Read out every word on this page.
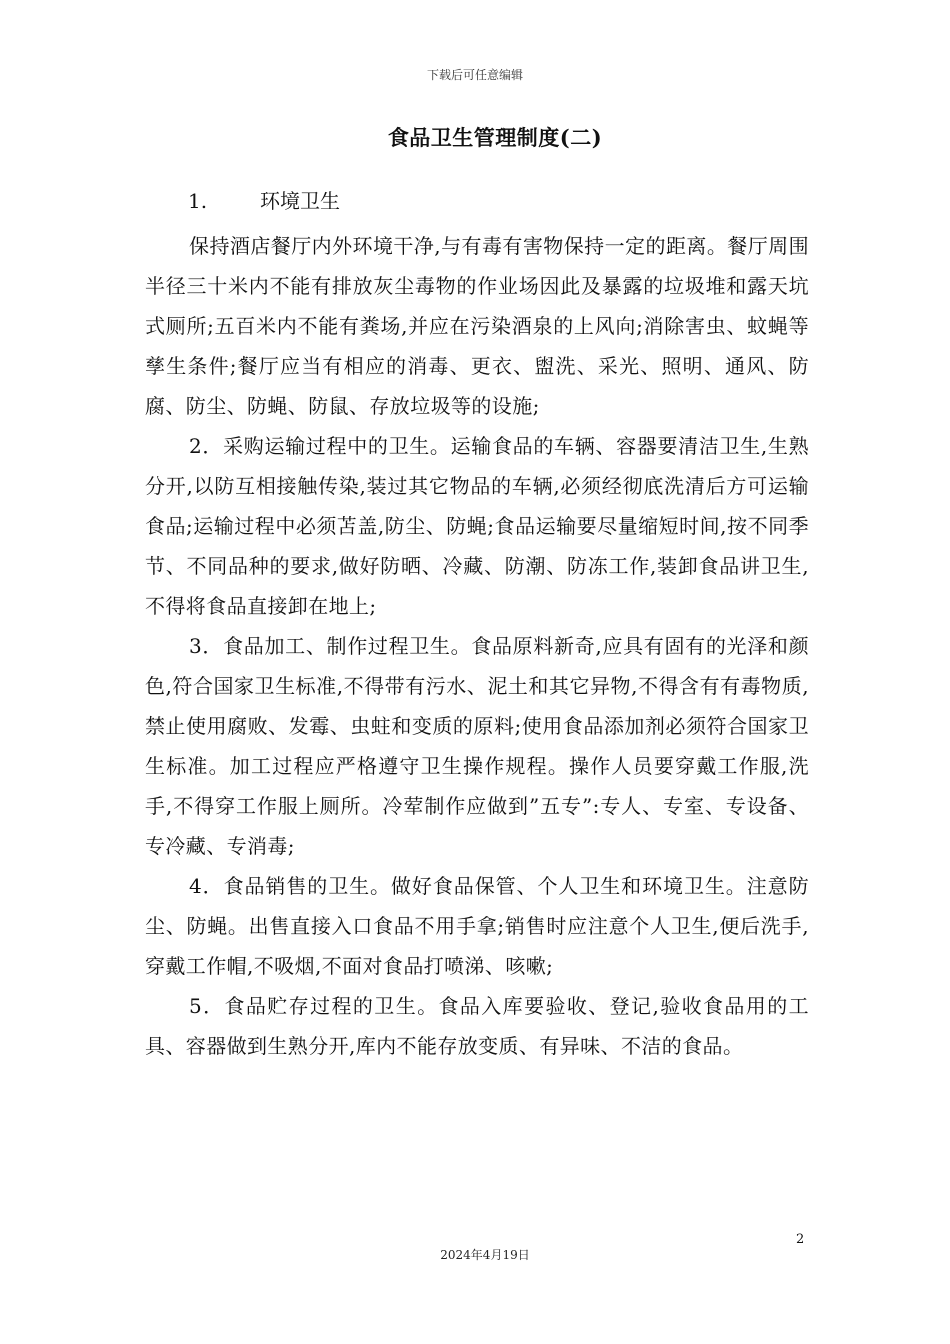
下载后可任意编辑
食品卫生管理制度(二)
1.	环境卫生

保持酒店餐厅内外环境干净,与有毒有害物保持一定的距离。餐厅周围半径三十米内不能有排放灰尘毒物的作业场因此及暴露的垃圾堆和露天坑式厕所;五百米内不能有粪场,并应在污染酒泉的上风向;消除害虫、蚊蝇等孳生条件;餐厅应当有相应的消毒、更衣、盥洗、采光、照明、通风、防腐、防尘、防蝇、防鼠、存放垃圾等的设施;

2．采购运输过程中的卫生。运输食品的车辆、容器要清洁卫生,生熟分开,以防互相接触传染,装过其它物品的车辆,必须经彻底洗清后方可运输食品;运输过程中必须苫盖,防尘、防蝇;食品运输要尽量缩短时间,按不同季节、不同品种的要求,做好防晒、冷藏、防潮、防冻工作,装卸食品讲卫生,不得将食品直接卸在地上;

3．食品加工、制作过程卫生。食品原料新奇,应具有固有的光泽和颜色,符合国家卫生标准,不得带有污水、泥土和其它异物,不得含有有毒物质,禁止使用腐败、发霉、虫蛀和变质的原料;使用食品添加剂必须符合国家卫生标准。加工过程应严格遵守卫生操作规程。操作人员要穿戴工作服,洗手,不得穿工作服上厕所。冷荤制作应做到”五专”:专人、专室、专设备、专冷藏、专消毒;

4．食品销售的卫生。做好食品保管、个人卫生和环境卫生。注意防尘、防蝇。出售直接入口食品不用手拿;销售时应注意个人卫生,便后洗手,穿戴工作帽,不吸烟,不面对食品打喷涕、咳嗽;

5．食品贮存过程的卫生。食品入库要验收、登记,验收食品用的工具、容器做到生熟分开,库内不能存放变质、有异味、不洁的食品。

2
2024年4月19日
